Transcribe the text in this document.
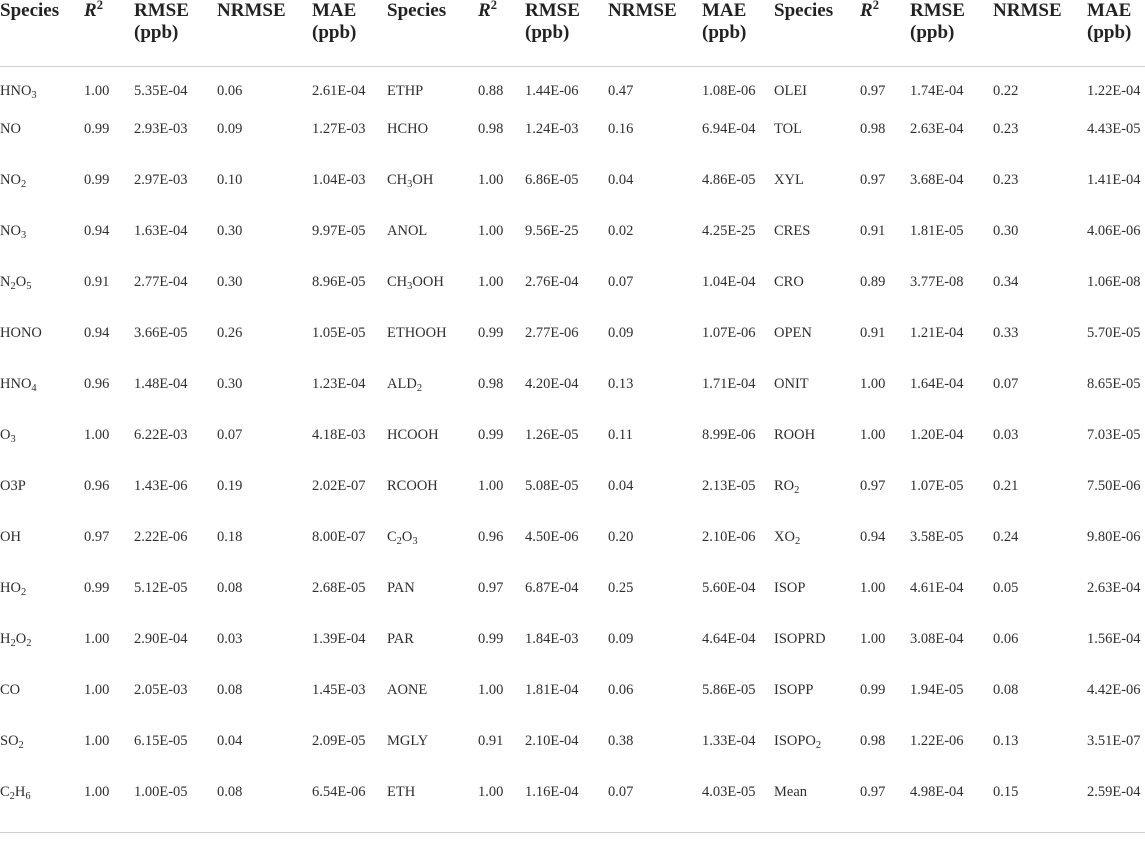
Species	$R^2$	RMSE (ppb)	NRMSE	MAE (ppb)	Species	$R^2$	RMSE (ppb)	NRMSE	MAE (ppb)	Species	$R^2$	RMSE (ppb)	NRMSE	MAE (ppb)
$HNO_3$	1.00	5.35E-04	0.06	2.61E-04	ETHP	0.88	1.44E-06	0.47	1.08E-06	OLEI	0.97	1.74E-04	0.22	1.22E-04
NO	0.99	2.93E-03	0.09	1.27E-03	HCHO	0.98	1.24E-03	0.16	6.94E-04	TOL	0.98	2.63E-04	0.23	4.43E-05
$NO_2$	0.99	2.97E-03	0.10	1.04E-03	$CH_3OH$	1.00	6.86E-05	0.04	4.86E-05	XYL	0.97	3.68E-04	0.23	1.41E-04
$NO_3$	0.94	1.63E-04	0.30	9.97E-05	ANOL	1.00	9.56E-25	0.02	4.25E-25	CRES	0.91	1.81E-05	0.30	4.06E-06
$N_2O_5$	0.91	2.77E-04	0.30	8.96E-05	$CH_3OOH$	1.00	2.76E-04	0.07	1.04E-04	CRO	0.89	3.77E-08	0.34	1.06E-08
HONO	0.94	3.66E-05	0.26	1.05E-05	ETHOOH	0.99	2.77E-06	0.09	1.07E-06	OPEN	0.91	1.21E-04	0.33	5.70E-05
$HNO_4$	0.96	1.48E-04	0.30	1.23E-04	$ALD_2$	0.98	4.20E-04	0.13	1.71E-04	ONIT	1.00	1.64E-04	0.07	8.65E-05
$O_3$	1.00	6.22E-03	0.07	4.18E-03	HCOOH	0.99	1.26E-05	0.11	8.99E-06	ROOH	1.00	1.20E-04	0.03	7.03E-05
O3P	0.96	1.43E-06	0.19	2.02E-07	RCOOH	1.00	5.08E-05	0.04	2.13E-05	$RO_2$	0.97	1.07E-05	0.21	7.50E-06
OH	0.97	2.22E-06	0.18	8.00E-07	$C_2O_3$	0.96	4.50E-06	0.20	2.10E-06	$XO_2$	0.94	3.58E-05	0.24	9.80E-06
$HO_2$	0.99	5.12E-05	0.08	2.68E-05	PAN	0.97	6.87E-04	0.25	5.60E-04	ISOP	1.00	4.61E-04	0.05	2.63E-04
$H_2O_2$	1.00	2.90E-04	0.03	1.39E-04	PAR	0.99	1.84E-03	0.09	4.64E-04	ISOPRD	1.00	3.08E-04	0.06	1.56E-04
CO	1.00	2.05E-03	0.08	1.45E-03	AONE	1.00	1.81E-04	0.06	5.86E-05	ISOPP	0.99	1.94E-05	0.08	4.42E-06
$SO_2$	1.00	6.15E-05	0.04	2.09E-05	MGLY	0.91	2.10E-04	0.38	1.33E-04	$ISOPO_2$	0.98	1.22E-06	0.13	3.51E-07
$C_2H_6$	1.00	1.00E-05	0.08	6.54E-06	ETH	1.00	1.16E-04	0.07	4.03E-05	Mean	0.97	4.98E-04	0.15	2.59E-04
